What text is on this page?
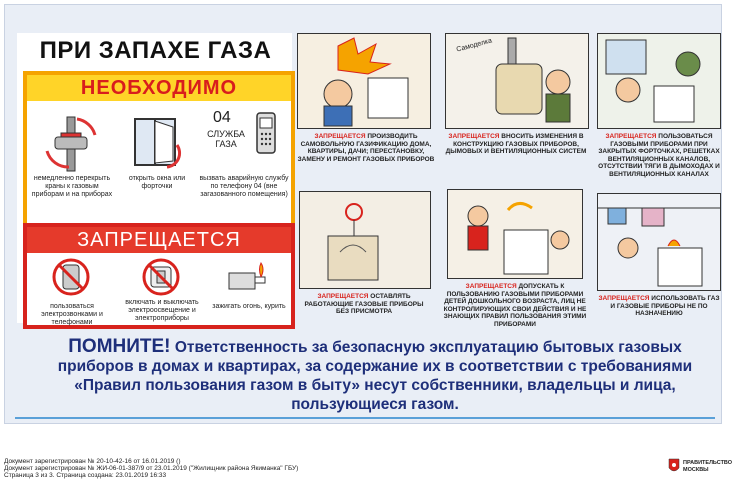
ПРИ ЗАПАХЕ ГАЗА
НЕОБХОДИМО
04
СЛУЖБА ГАЗА
немедленно перекрыть краны к газовым приборам и на приборах
открыть окна или форточки
вызвать аварийную службу по телефону 04 (вне загазованного помещения)
ЗАПРЕЩАЕТСЯ
пользоваться электрозвонками и телефонами
включать и выключать электроосвещение и электроприборы
зажигать огонь, курить
Самоделка
ЗАПРЕЩАЕТСЯ ПРОИЗВОДИТЬ САМОВОЛЬНУЮ ГАЗИФИКАЦИЮ ДОМА, КВАРТИРЫ, ДАЧИ; ПЕРЕСТАНОВКУ, ЗАМЕНУ И РЕМОНТ ГАЗОВЫХ ПРИБОРОВ
ЗАПРЕЩАЕТСЯ ВНОСИТЬ ИЗМЕНЕНИЯ В КОНСТРУКЦИЮ ГАЗОВЫХ ПРИБОРОВ, ДЫМОВЫХ И ВЕНТИЛЯЦИОННЫХ СИСТЕМ
ЗАПРЕЩАЕТСЯ ПОЛЬЗОВАТЬСЯ ГАЗОВЫМИ ПРИБОРАМИ ПРИ ЗАКРЫТЫХ ФОРТОЧКАХ, РЕШЕТКАХ ВЕНТИЛЯЦИОННЫХ КАНАЛОВ, ОТСУТСТВИИ ТЯГИ В ДЫМОХОДАХ И ВЕНТИЛЯЦИОННЫХ КАНАЛАХ
ЗАПРЕЩАЕТСЯ ОСТАВЛЯТЬ РАБОТАЮЩИЕ ГАЗОВЫЕ ПРИБОРЫ БЕЗ ПРИСМОТРА
ЗАПРЕЩАЕТСЯ ДОПУСКАТЬ К ПОЛЬЗОВАНИЮ ГАЗОВЫМИ ПРИБОРАМИ ДЕТЕЙ ДОШКОЛЬНОГО ВОЗРАСТА, ЛИЦ НЕ КОНТРОЛИРУЮЩИХ СВОИ ДЕЙСТВИЯ И НЕ ЗНАЮЩИХ ПРАВИЛ ПОЛЬЗОВАНИЯ ЭТИМИ ПРИБОРАМИ
ЗАПРЕЩАЕТСЯ ИСПОЛЬЗОВАТЬ ГАЗ И ГАЗОВЫЕ ПРИБОРЫ НЕ ПО НАЗНАЧЕНИЮ
ПОМНИТЕ! Ответственность за безопасную эксплуатацию бытовых газовых приборов в домах и квартирах, за содержание их в соответствии с требованиями «Правил пользования газом в быту» несут собственники, владельцы и лица, пользующиеся газом.
Документ зарегистрирован № 20-10-42-16 от 16.01.2019 ()
Документ зарегистрирован № ЖИ-06-01-387/9 от 23.01.2019 ("Жилищник района Якиманка" ГБУ)
Страница 3 из 3. Страница создана: 23.01.2019 16:33
ПРАВИТЕЛЬСТВО
МОСКВЫ
